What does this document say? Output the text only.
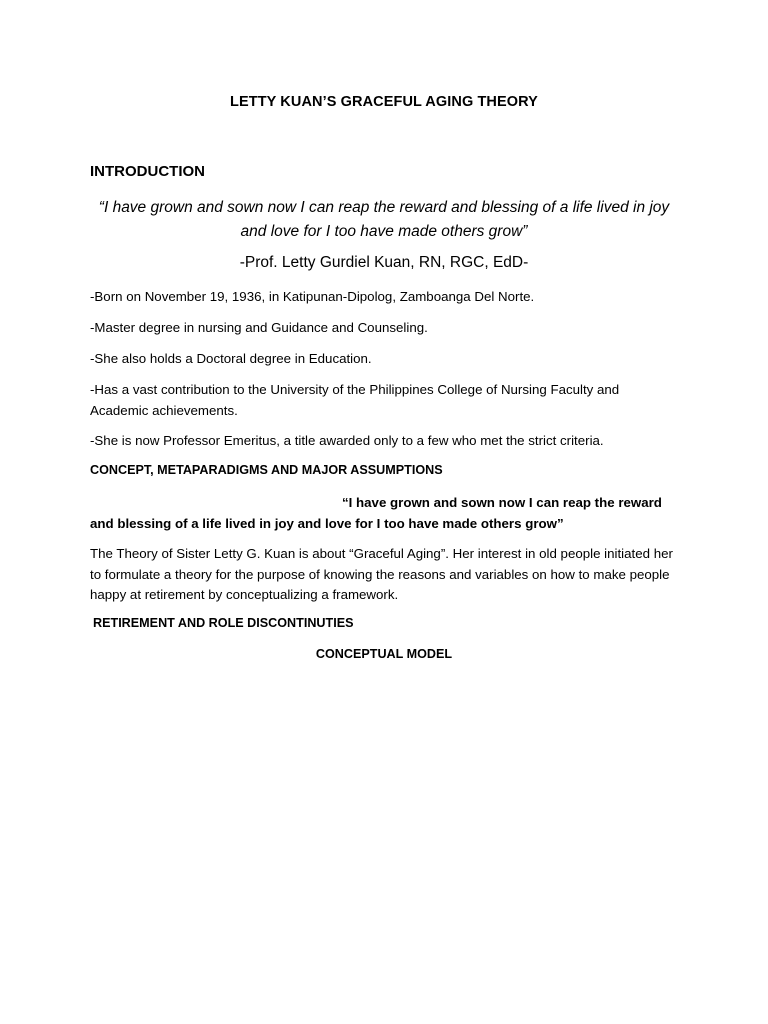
LETTY KUAN’S GRACEFUL AGING THEORY
INTRODUCTION
“I have grown and sown now I can reap the reward and blessing of a life lived in joy and love for I too have made others grow”
-Prof. Letty Gurdiel Kuan, RN, RGC, EdD-
-Born on November 19, 1936, in Katipunan-Dipolog, Zamboanga Del Norte.
-Master degree in nursing and Guidance and Counseling.
-She also holds a Doctoral degree in Education.
-Has a vast contribution to the University of the Philippines College of Nursing Faculty and Academic achievements.
-She is now Professor Emeritus, a title awarded only to a few who met the strict criteria.
CONCEPT, METAPARADIGMS AND MAJOR ASSUMPTIONS
“I have grown and sown now I can reap the reward and blessing of a life lived in joy and love for I too have made others grow”
The Theory of Sister Letty G. Kuan is about “Graceful Aging”. Her interest in old people initiated her to formulate a theory for the purpose of knowing the reasons and variables on how to make people happy at retirement by conceptualizing a framework.
RETIREMENT AND ROLE DISCONTINUTIES
CONCEPTUAL MODEL
